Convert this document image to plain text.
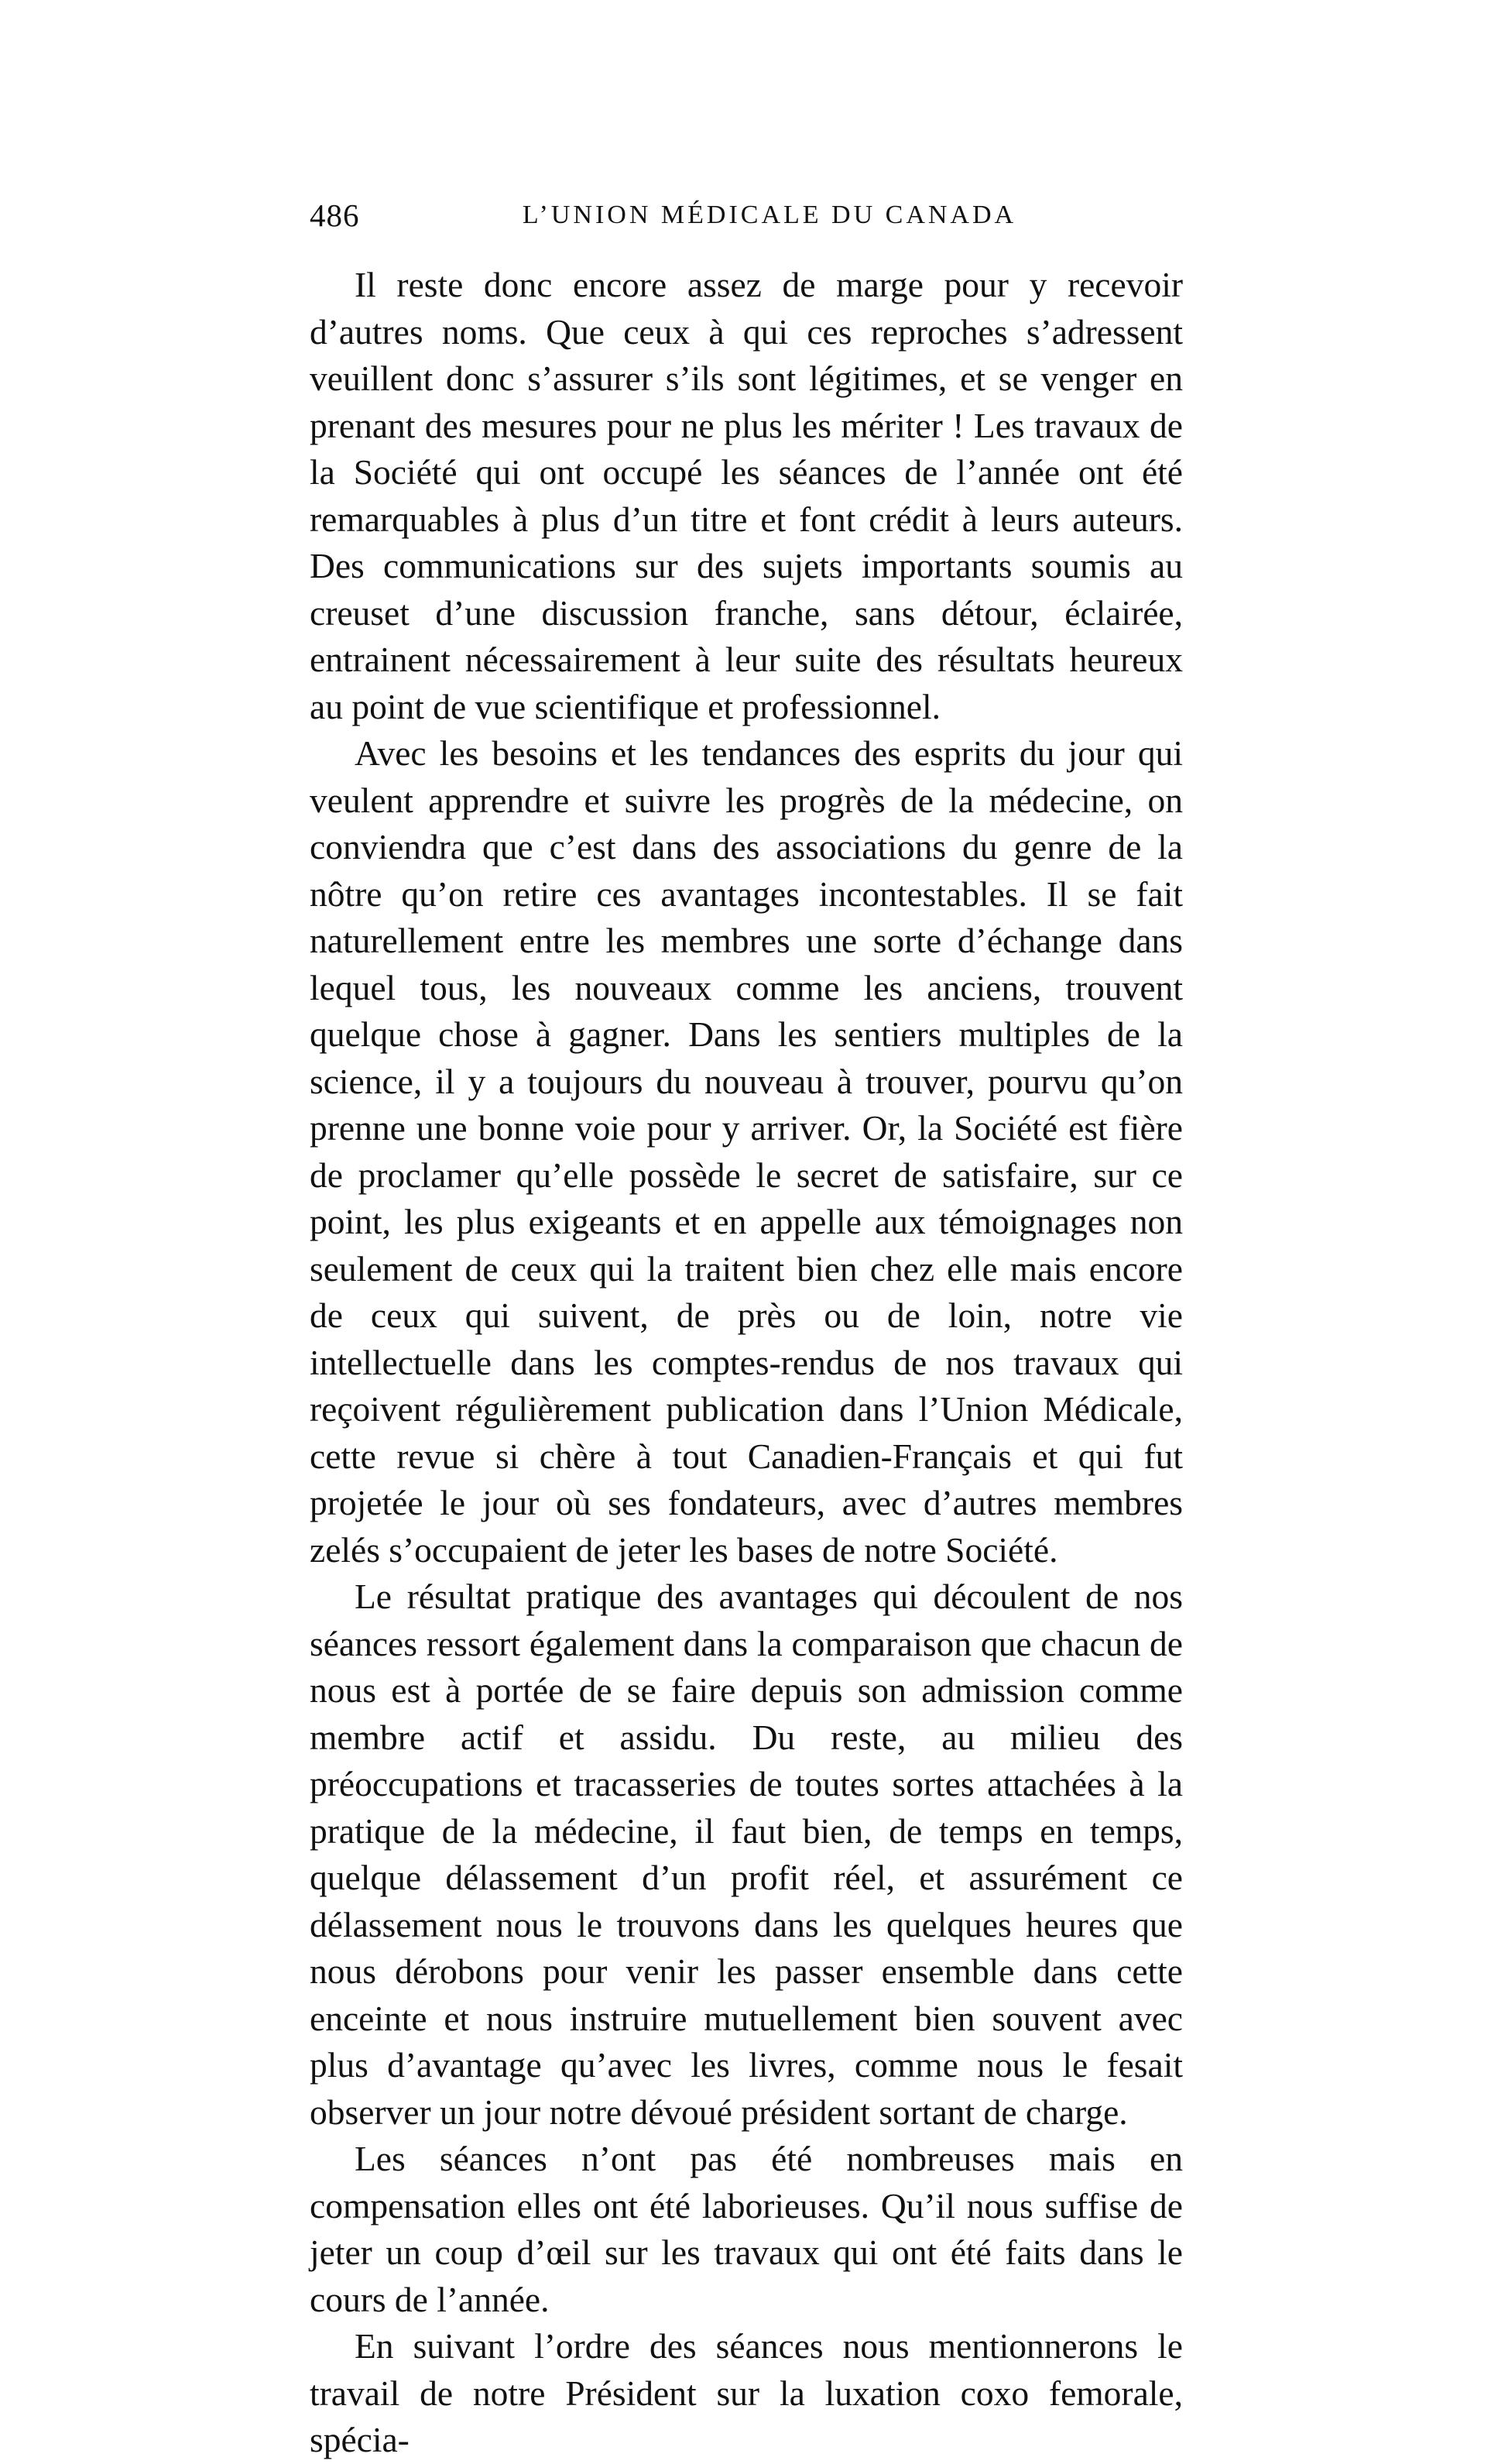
486	L’UNION MÉDICALE DU CANADA

Il reste donc encore assez de marge pour y recevoir d’autres noms. Que ceux à qui ces reproches s’adressent veuillent donc s’assurer s’ils sont légitimes, et se venger en prenant des mesures pour ne plus les mériter ! Les travaux de la Société qui ont occupé les séances de l’année ont été remarquables à plus d’un titre et font crédit à leurs auteurs. Des communications sur des sujets importants soumis au creuset d’une discussion franche, sans détour, éclairée, entrainent nécessairement à leur suite des résultats heureux au point de vue scientifique et professionnel.

Avec les besoins et les tendances des esprits du jour qui veulent apprendre et suivre les progrès de la médecine, on conviendra que c’est dans des associations du genre de la nôtre qu’on retire ces avantages incontestables. Il se fait naturellement entre les membres une sorte d’échange dans lequel tous, les nouveaux comme les anciens, trouvent quelque chose à gagner. Dans les sentiers multiples de la science, il y a toujours du nouveau à trouver, pourvu qu’on prenne une bonne voie pour y arriver. Or, la Société est fière de proclamer qu’elle possède le secret de satisfaire, sur ce point, les plus exigeants et en appelle aux témoignages non seulement de ceux qui la traitent bien chez elle mais encore de ceux qui suivent, de près ou de loin, notre vie intellectuelle dans les comptes-rendus de nos travaux qui reçoivent régulièrement publication dans l’Union Médicale, cette revue si chère à tout Canadien-Français et qui fut projetée le jour où ses fondateurs, avec d’autres membres zelés s’occupaient de jeter les bases de notre Société.

Le résultat pratique des avantages qui découlent de nos séances ressort également dans la comparaison que chacun de nous est à portée de se faire depuis son admission comme membre actif et assidu. Du reste, au milieu des préoccupations et tracasseries de toutes sortes attachées à la pratique de la médecine, il faut bien, de temps en temps, quelque délassement d’un profit réel, et assurément ce délassement nous le trouvons dans les quelques heures que nous dérobons pour venir les passer ensemble dans cette enceinte et nous instruire mutuellement bien souvent avec plus d’avantage qu’avec les livres, comme nous le fesait observer un jour notre dévoué président sortant de charge.

Les séances n’ont pas été nombreuses mais en compensation elles ont été laborieuses. Qu’il nous suffise de jeter un coup d’œil sur les travaux qui ont été faits dans le cours de l’année.

En suivant l’ordre des séances nous mentionnerons le travail de notre Président sur la luxation coxo femorale, spécia-
